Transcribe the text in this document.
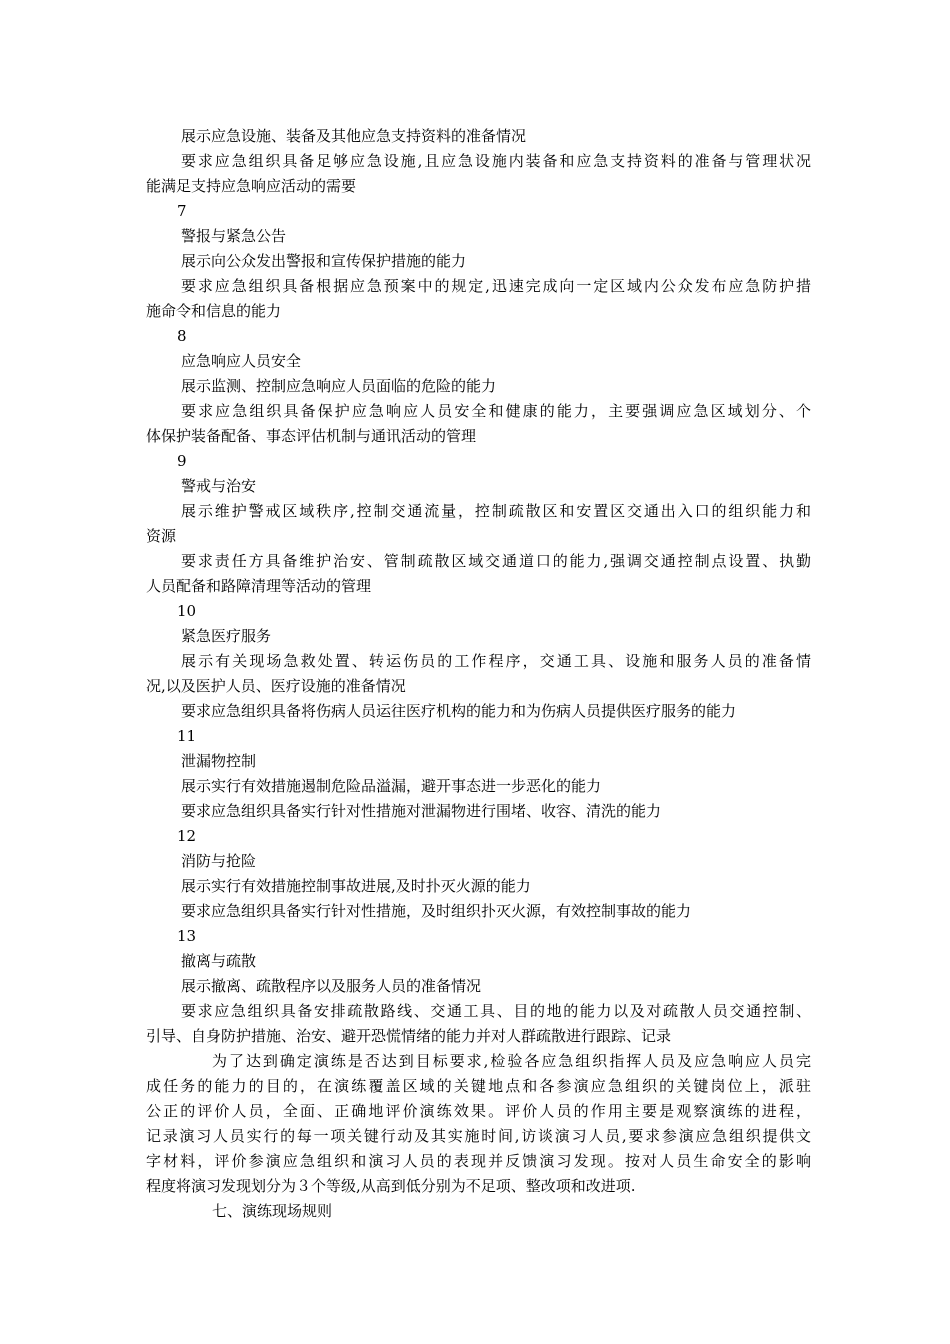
展示应急设施、装备及其他应急支持资料的准备情况
要求应急组织具备足够应急设施,且应急设施内装备和应急支持资料的准备与管理状况
能满足支持应急响应活动的需要
7
警报与紧急公告
展示向公众发出警报和宣传保护措施的能力
要求应急组织具备根据应急预案中的规定,迅速完成向一定区域内公众发布应急防护措
施命令和信息的能力
8
应急响应人员安全
展示监测、控制应急响应人员面临的危险的能力
要求应急组织具备保护应急响应人员安全和健康的能力，主要强调应急区域划分、个
体保护装备配备、事态评估机制与通讯活动的管理
9
警戒与治安
展示维护警戒区域秩序,控制交通流量，控制疏散区和安置区交通出入口的组织能力和
资源
要求责任方具备维护治安、管制疏散区域交通道口的能力,强调交通控制点设置、执勤
人员配备和路障清理等活动的管理
10
紧急医疗服务
展示有关现场急救处置、转运伤员的工作程序，交通工具、设施和服务人员的准备情
况,以及医护人员、医疗设施的准备情况
要求应急组织具备将伤病人员运往医疗机构的能力和为伤病人员提供医疗服务的能力
11
泄漏物控制
展示实行有效措施遏制危险品溢漏，避开事态进一步恶化的能力
要求应急组织具备实行针对性措施对泄漏物进行围堵、收容、清洗的能力
12
消防与抢险
展示实行有效措施控制事故进展,及时扑灭火源的能力
要求应急组织具备实行针对性措施，及时组织扑灭火源，有效控制事故的能力
13
撤离与疏散
展示撤离、疏散程序以及服务人员的准备情况
要求应急组织具备安排疏散路线、交通工具、目的地的能力以及对疏散人员交通控制、
引导、自身防护措施、治安、避开恐慌情绪的能力并对人群疏散进行跟踪、记录
为了达到确定演练是否达到目标要求,检验各应急组织指挥人员及应急响应人员完
成任务的能力的目的，在演练覆盖区域的关键地点和各参演应急组织的关键岗位上，派驻
公正的评价人员，全面、正确地评价演练效果。评价人员的作用主要是观察演练的进程，
记录演习人员实行的每一项关键行动及其实施时间,访谈演习人员,要求参演应急组织提供文
字材料，评价参演应急组织和演习人员的表现并反馈演习发现。按对人员生命安全的影响
程度将演习发现划分为３个等级,从高到低分别为不足项、整改项和改进项.
七、演练现场规则
